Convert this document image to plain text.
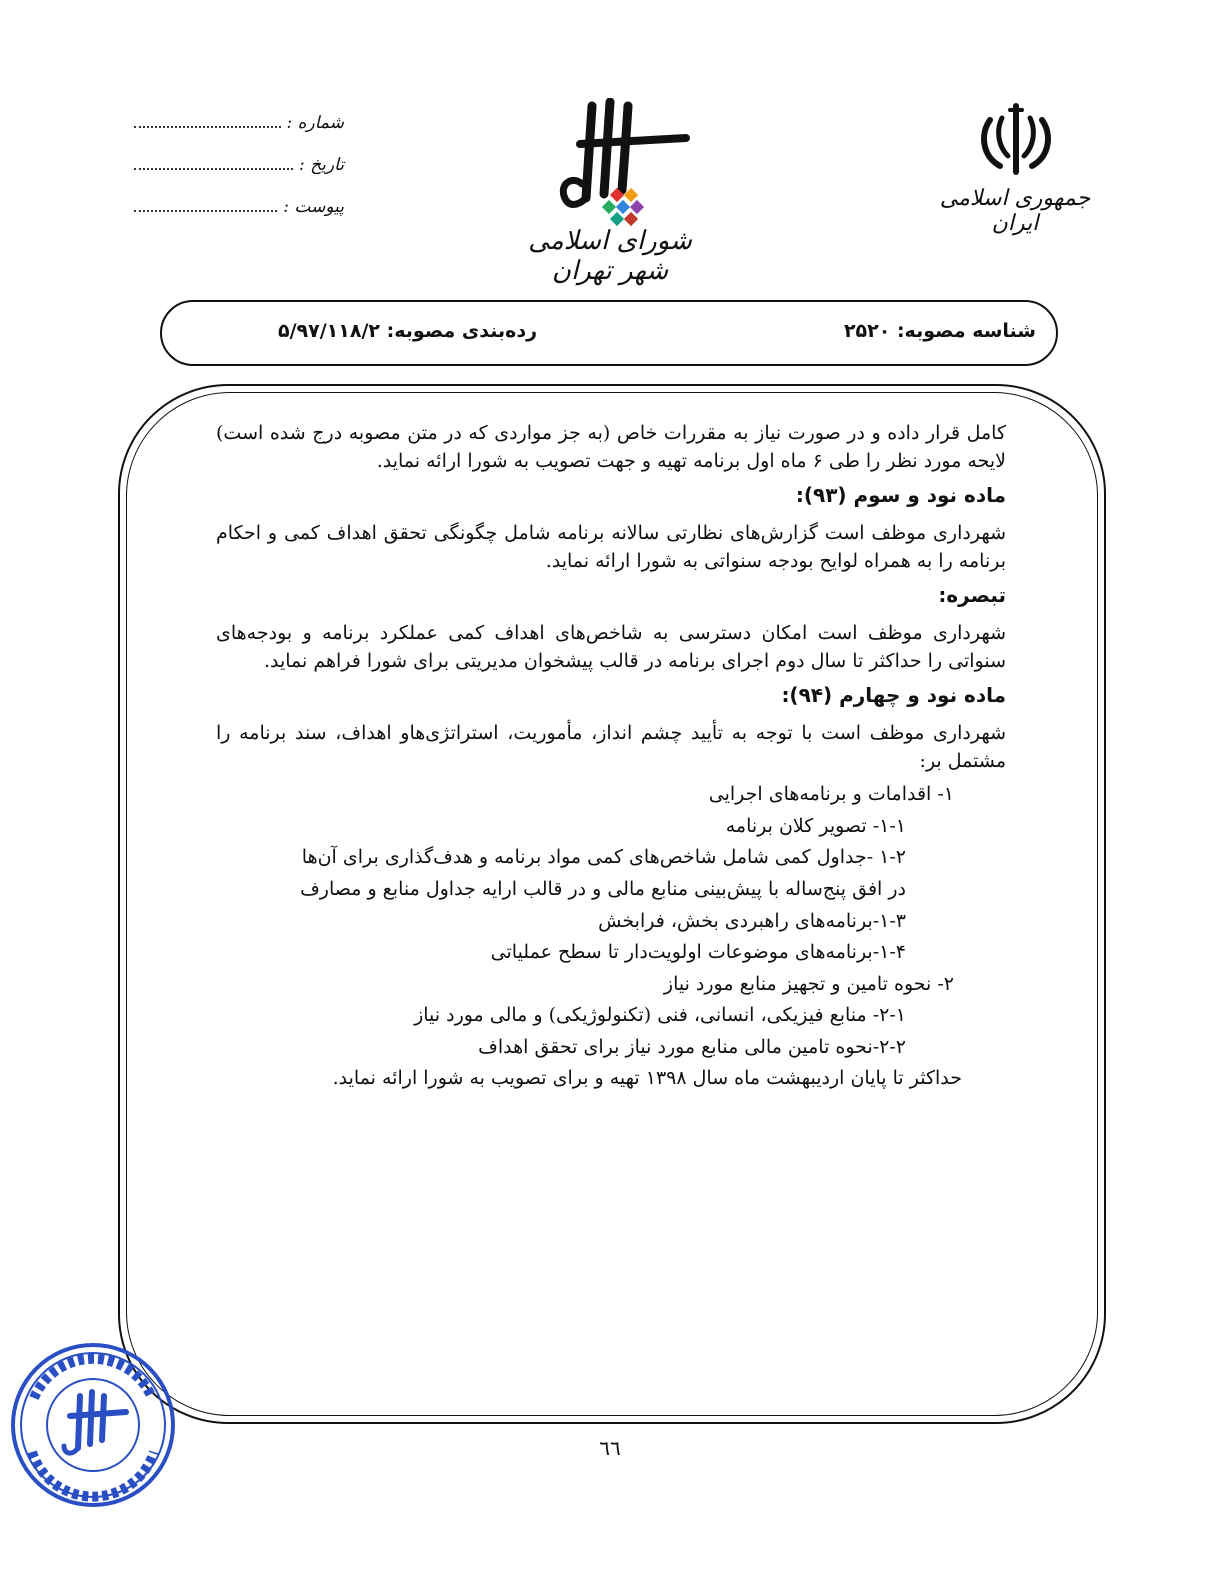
شماره :
تاریخ :
پیوست :
شورای اسلامی شهر تهران
جمهوری اسلامی ایران
شناسه مصوبه: ۲۵۲۰
رده‌بندی مصوبه: ۵/۹۷/۱۱۸/۲

کامل قرار داده و در صورت نیاز به مقررات خاص (به جز مواردی که در متن مصوبه درج شده است) لایحه مورد نظر را طی ۶ ماه اول برنامه تهیه و جهت تصویب به شورا ارائه نماید.

ماده نود و سوم (۹۳):

شهرداری موظف است گزارش‌های نظارتی سالانه برنامه شامل چگونگی تحقق اهداف کمی و احکام برنامه را به همراه لوایح بودجه سنواتی به شورا ارائه نماید.

تبصره:

شهرداری موظف است امکان دسترسی به شاخص‌های اهداف کمی عملکرد برنامه و بودجه‌های سنواتی را حداکثر تا سال دوم اجرای برنامه در قالب پیشخوان مدیریتی برای شورا فراهم نماید.

ماده نود و چهارم (۹۴):

شهرداری موظف است با توجه به تأیید چشم انداز، مأموریت، استراتژی‌هاو اهداف، سند برنامه را مشتمل بر:

۱- اقدامات و برنامه‌های اجرایی
۱-۱- تصویر کلان برنامه
۱-۲ -جداول کمی شامل شاخص‌های کمی مواد برنامه و هدف‌گذاری برای آن‌ها
در افق پنج‌ساله با پیش‌بینی منابع مالی و در قالب ارایه جداول منابع و مصارف
۱-۳-برنامه‌های راهبردی بخش، فرابخش
۱-۴-برنامه‌های موضوعات اولویت‌دار تا سطح عملیاتی
۲- نحوه تامین و تجهیز منابع مورد نیاز
۲-۱- منابع فیزیکی، انسانی، فنی (تکنولوژیکی) و مالی مورد نیاز
۲-۲-نحوه تامین مالی منابع مورد نیاز برای تحقق اهداف

حداکثر تا پایان اردیبهشت ماه سال ۱۳۹۸ تهیه و برای تصویب به شورا ارائه نماید.

٦٦
